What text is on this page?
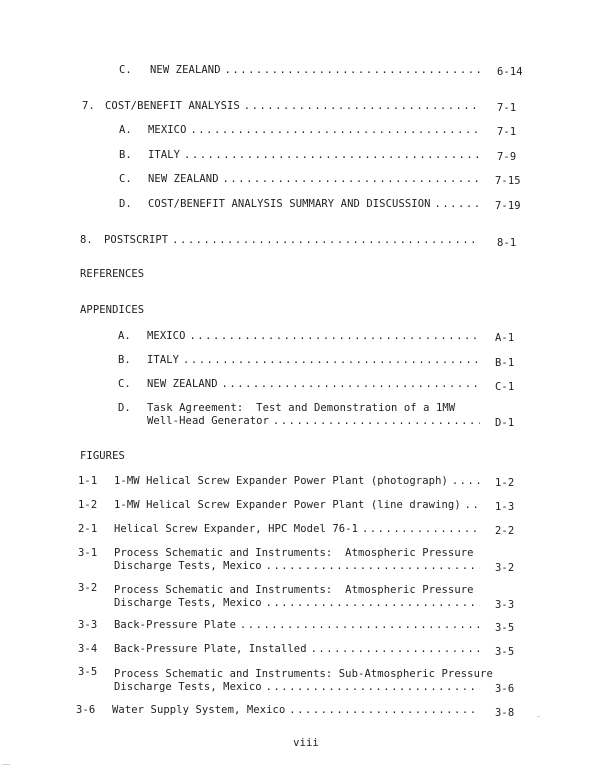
C. NEW ZEALAND . . .	6-14
7. COST/BENEFIT ANALYSIS . . .	7-1
A. MEXICO . . .	7-1
B. ITALY . . .	7-9
C. NEW ZEALAND . . .	7-15
D. COST/BENEFIT ANALYSIS SUMMARY AND DISCUSSION . . .	7-19
8. POSTSCRIPT . . .	8-1
REFERENCES
APPENDICES
A. MEXICO . . .	A-1
B. ITALY . . .	B-1
C. NEW ZEALAND . . .	C-1
D. Task Agreement:  Test and Demonstration of a 1MW
Well-Head Generator . . .	D-1
FIGURES
1-1 1-MW Helical Screw Expander Power Plant (photograph) . . .	1-2
1-2 1-MW Helical Screw Expander Power Plant (line drawing) . . .	1-3
2-1 Helical Screw Expander, HPC Model 76-1 . . .	2-2
3-1 Process Schematic and Instruments:  Atmospheric Pressure
Discharge Tests, Mexico . . .	3-2
3-2 Process Schematic and Instruments:  Atmospheric Pressure
Discharge Tests, Mexico . . .	3-3
3-3 Back-Pressure Plate . . .	3-5
3-4 Back-Pressure Plate, Installed . . .	3-5
3-5 Process Schematic and Instruments: Sub-Atmospheric Pressure
Discharge Tests, Mexico . . .	3-6
3-6 Water Supply System, Mexico . . .	3-8
viii
